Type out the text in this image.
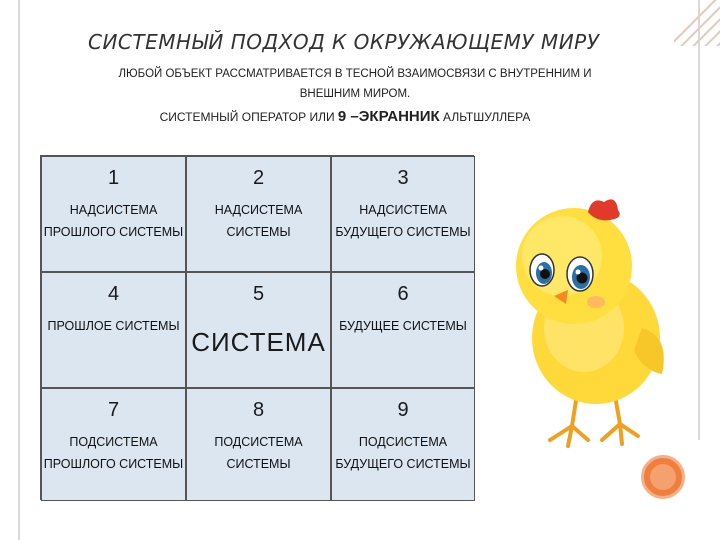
СИСТЕМНЫЙ ПОДХОД К ОКРУЖАЮЩЕМУ МИРУ
ЛЮБОЙ ОБЪЕКТ РАССМАТРИВАЕТСЯ В ТЕСНОЙ ВЗАИМОСВЯЗИ С ВНУТРЕННИМ И
ВНЕШНИМ МИРОМ.
СИСТЕМНЫЙ ОПЕРАТОР ИЛИ 9 –ЭКРАННИК АЛЬТШУЛЛЕРА
1
НАДСИСТЕМА ПРОШЛОГО СИСТЕМЫ
2
НАДСИСТЕМА СИСТЕМЫ
3
НАДСИСТЕМА БУДУЩЕГО СИСТЕМЫ
4
ПРОШЛОЕ СИСТЕМЫ
5
СИСТЕМА
6
БУДУЩЕЕ СИСТЕМЫ
7
ПОДСИСТЕМА ПРОШЛОГО СИСТЕМЫ
8
ПОДСИСТЕМА СИСТЕМЫ
9
ПОДСИСТЕМА БУДУЩЕГО СИСТЕМЫ
